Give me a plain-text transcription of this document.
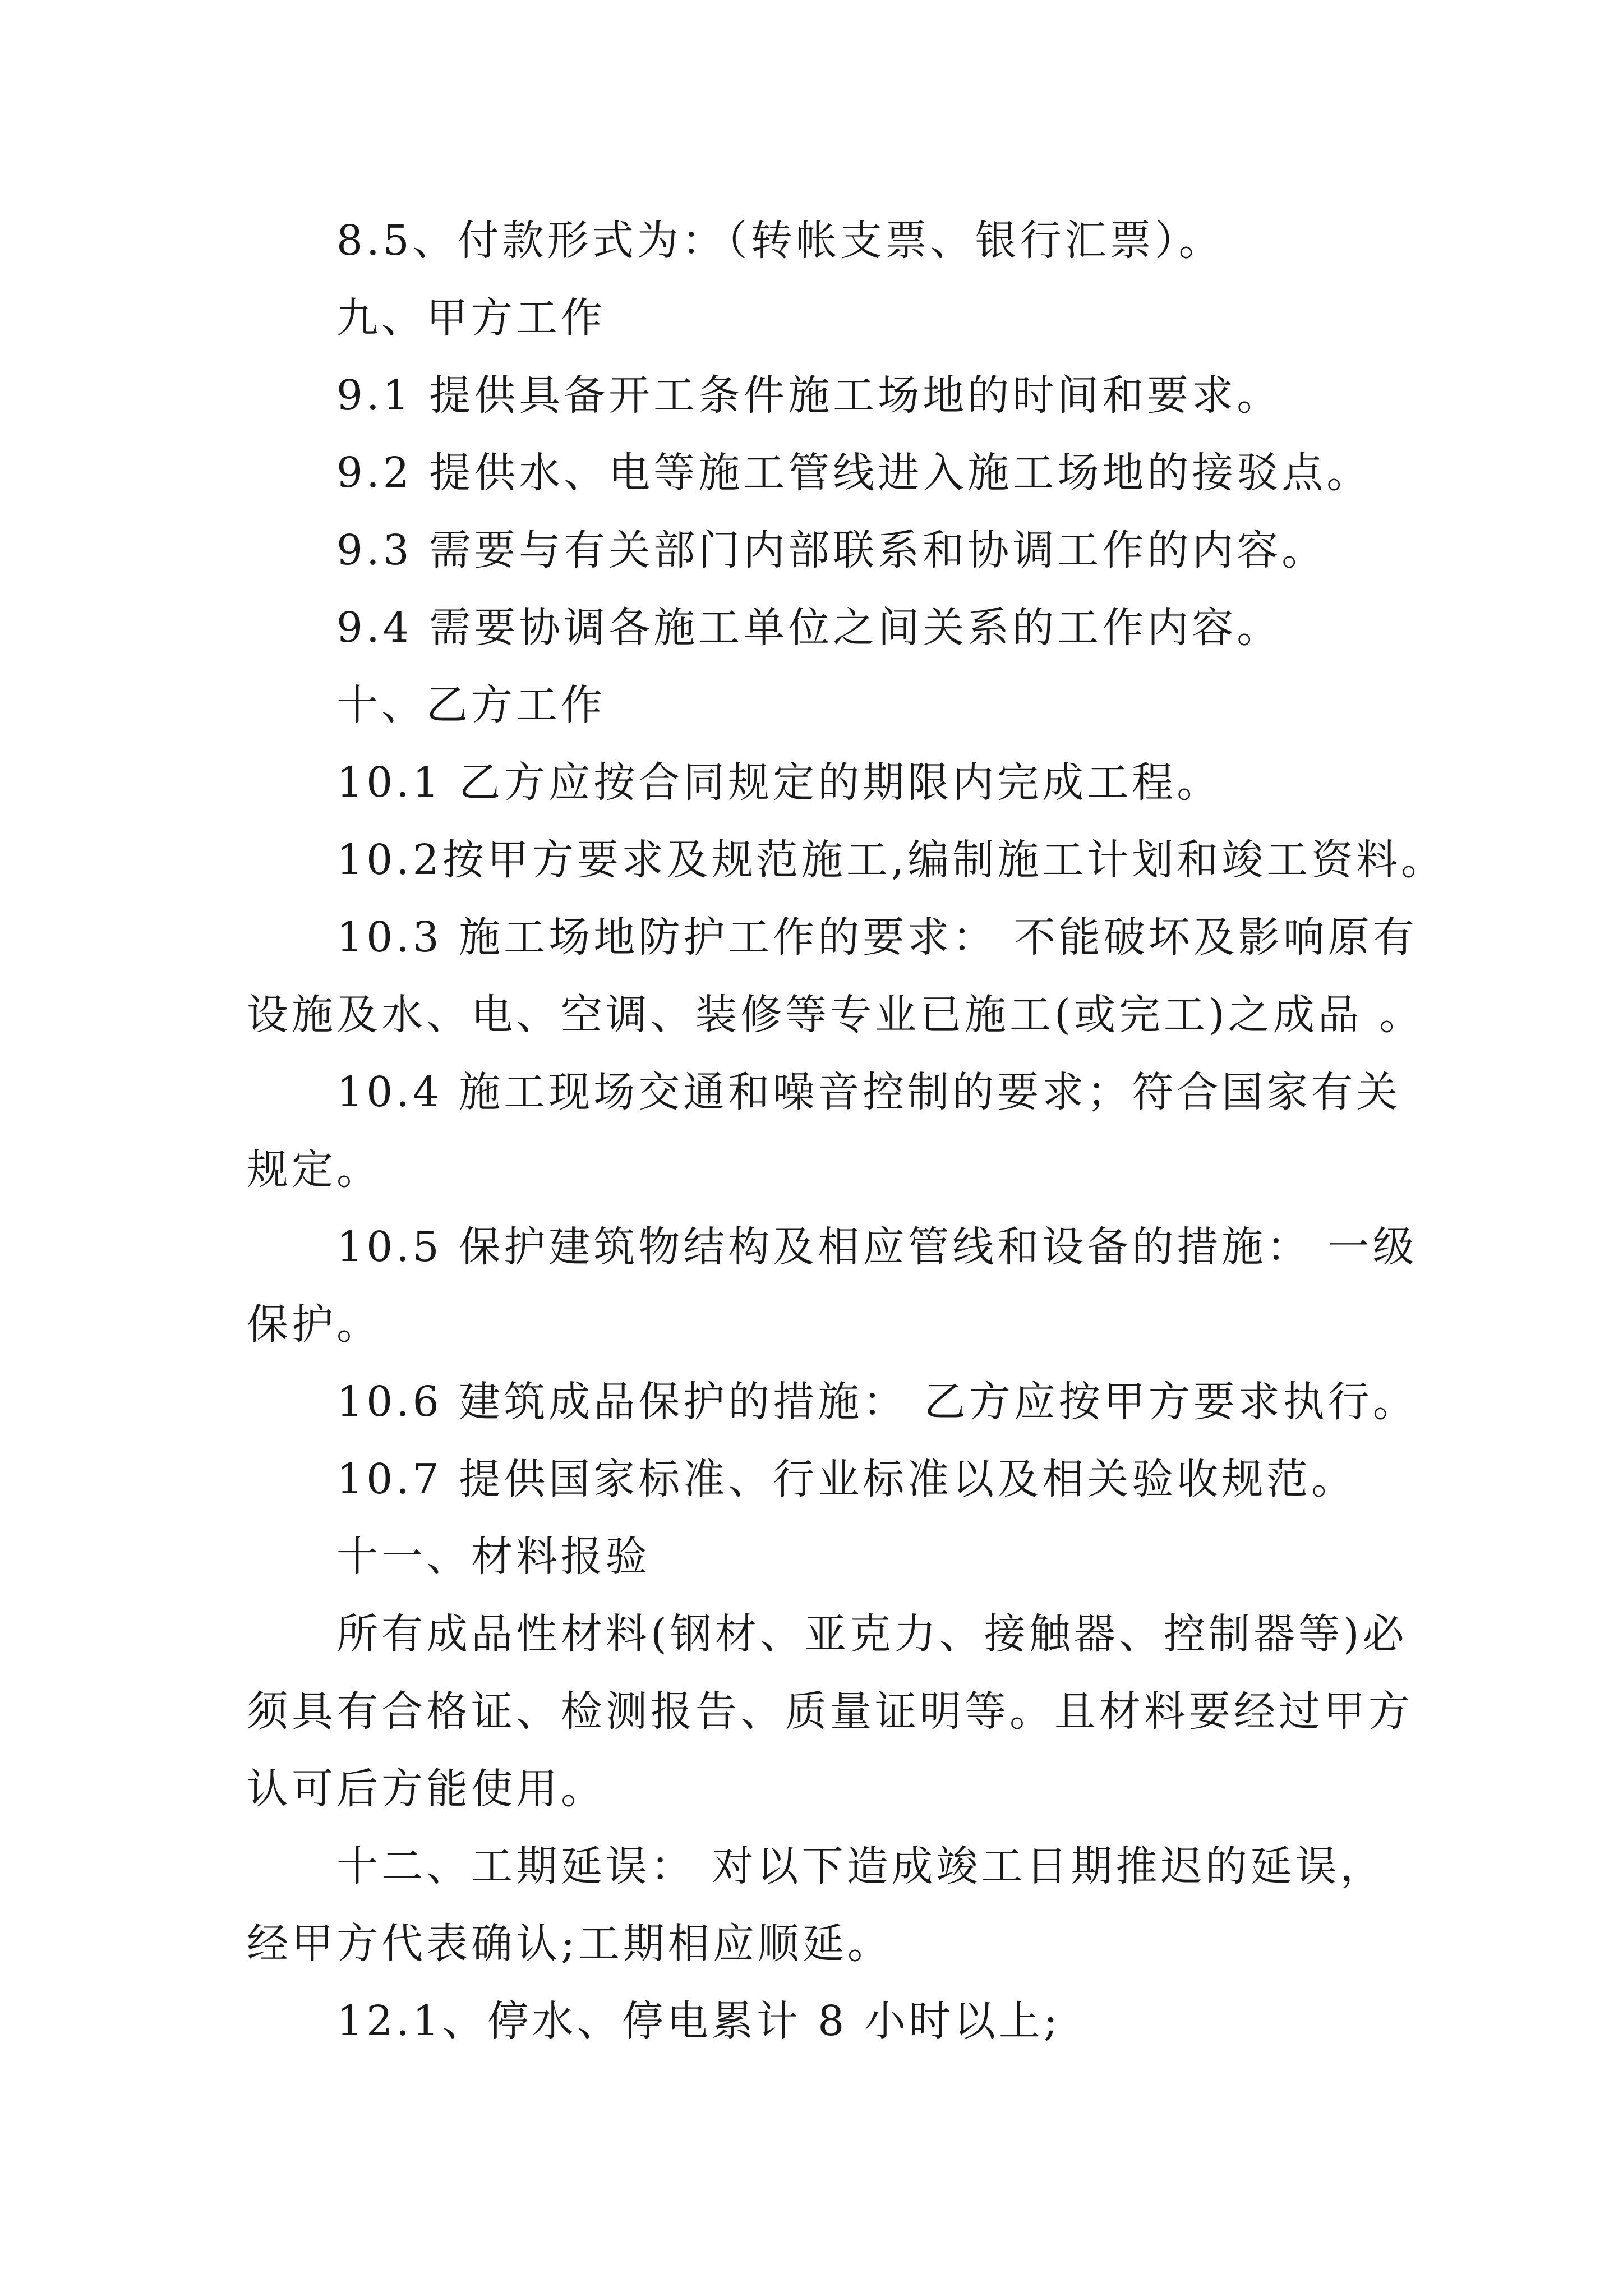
8.5、付款形式为：（转帐支票、银行汇票）。
九、甲方工作
9.1 提供具备开工条件施工场地的时间和要求。
9.2 提供水、电等施工管线进入施工场地的接驳点。
9.3 需要与有关部门内部联系和协调工作的内容。
9.4 需要协调各施工单位之间关系的工作内容。
十、乙方工作
10.1 乙方应按合同规定的期限内完成工程。
10.2按甲方要求及规范施工,编制施工计划和竣工资料。
10.3 施工场地防护工作的要求： 不能破坏及影响原有
设施及水、电、空调、装修等专业已施工(或完工)之成品 。
10.4 施工现场交通和噪音控制的要求；符合国家有关
规定。
10.5 保护建筑物结构及相应管线和设备的措施： 一级
保护。
10.6 建筑成品保护的措施： 乙方应按甲方要求执行。
10.7 提供国家标准、行业标准以及相关验收规范。
十一、材料报验
所有成品性材料(钢材、亚克力、接触器、控制器等)必
须具有合格证、检测报告、质量证明等。且材料要经过甲方
认可后方能使用。
十二、工期延误： 对以下造成竣工日期推迟的延误，
经甲方代表确认;工期相应顺延。
12.1、停水、停电累计 8 小时以上;
